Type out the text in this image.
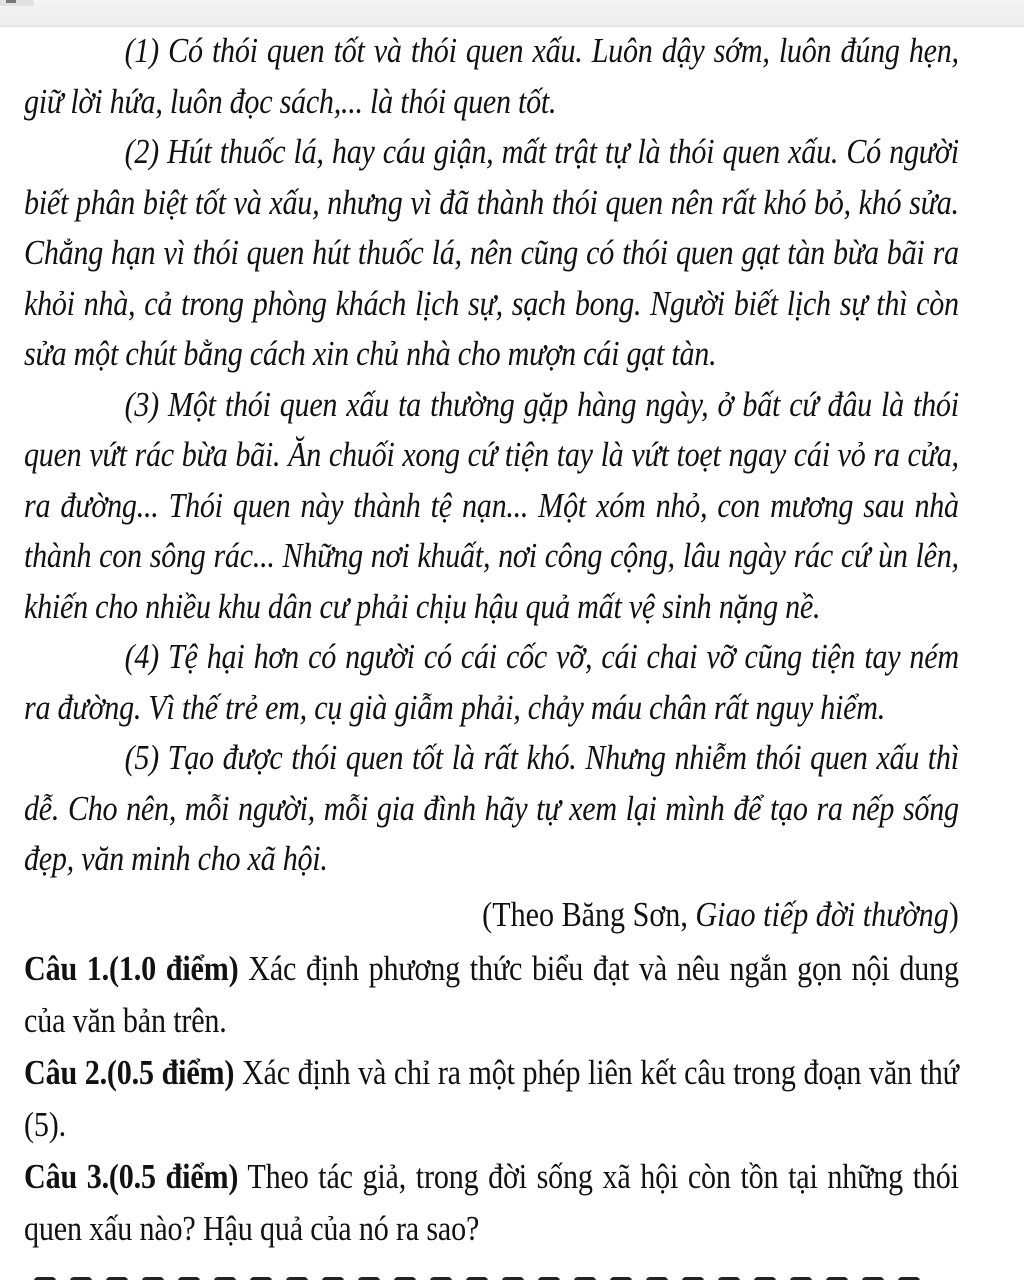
(1) Có thói quen tốt và thói quen xấu. Luôn dậy sớm, luôn đúng hẹn, giữ lời hứa, luôn đọc sách,... là thói quen tốt.

(2) Hút thuốc lá, hay cáu giận, mất trật tự là thói quen xấu. Có người biết phân biệt tốt và xấu, nhưng vì đã thành thói quen nên rất khó bỏ, khó sửa. Chẳng hạn vì thói quen hút thuốc lá, nên cũng có thói quen gạt tàn bừa bãi ra khỏi nhà, cả trong phòng khách lịch sự, sạch bong. Người biết lịch sự thì còn sửa một chút bằng cách xin chủ nhà cho mượn cái gạt tàn.

(3) Một thói quen xấu ta thường gặp hàng ngày, ở bất cứ đâu là thói quen vứt rác bừa bãi. Ăn chuối xong cứ tiện tay là vứt toẹt ngay cái vỏ ra cửa, ra đường... Thói quen này thành tệ nạn... Một xóm nhỏ, con mương sau nhà thành con sông rác... Những nơi khuất, nơi công cộng, lâu ngày rác cứ ùn lên, khiến cho nhiều khu dân cư phải chịu hậu quả mất vệ sinh nặng nề.

(4) Tệ hại hơn có người có cái cốc vỡ, cái chai vỡ cũng tiện tay ném ra đường. Vì thế trẻ em, cụ già giẫm phải, chảy máu chân rất nguy hiểm.

(5) Tạo được thói quen tốt là rất khó. Nhưng nhiễm thói quen xấu thì dễ. Cho nên, mỗi người, mỗi gia đình hãy tự xem lại mình để tạo ra nếp sống đẹp, văn minh cho xã hội.

(Theo Băng Sơn, Giao tiếp đời thường)

Câu 1.(1.0 điểm) Xác định phương thức biểu đạt và nêu ngắn gọn nội dung của văn bản trên.

Câu 2.(0.5 điểm) Xác định và chỉ ra một phép liên kết câu trong đoạn văn thứ (5).

Câu 3.(0.5 điểm) Theo tác giả, trong đời sống xã hội còn tồn tại những thói quen xấu nào? Hậu quả của nó ra sao?
